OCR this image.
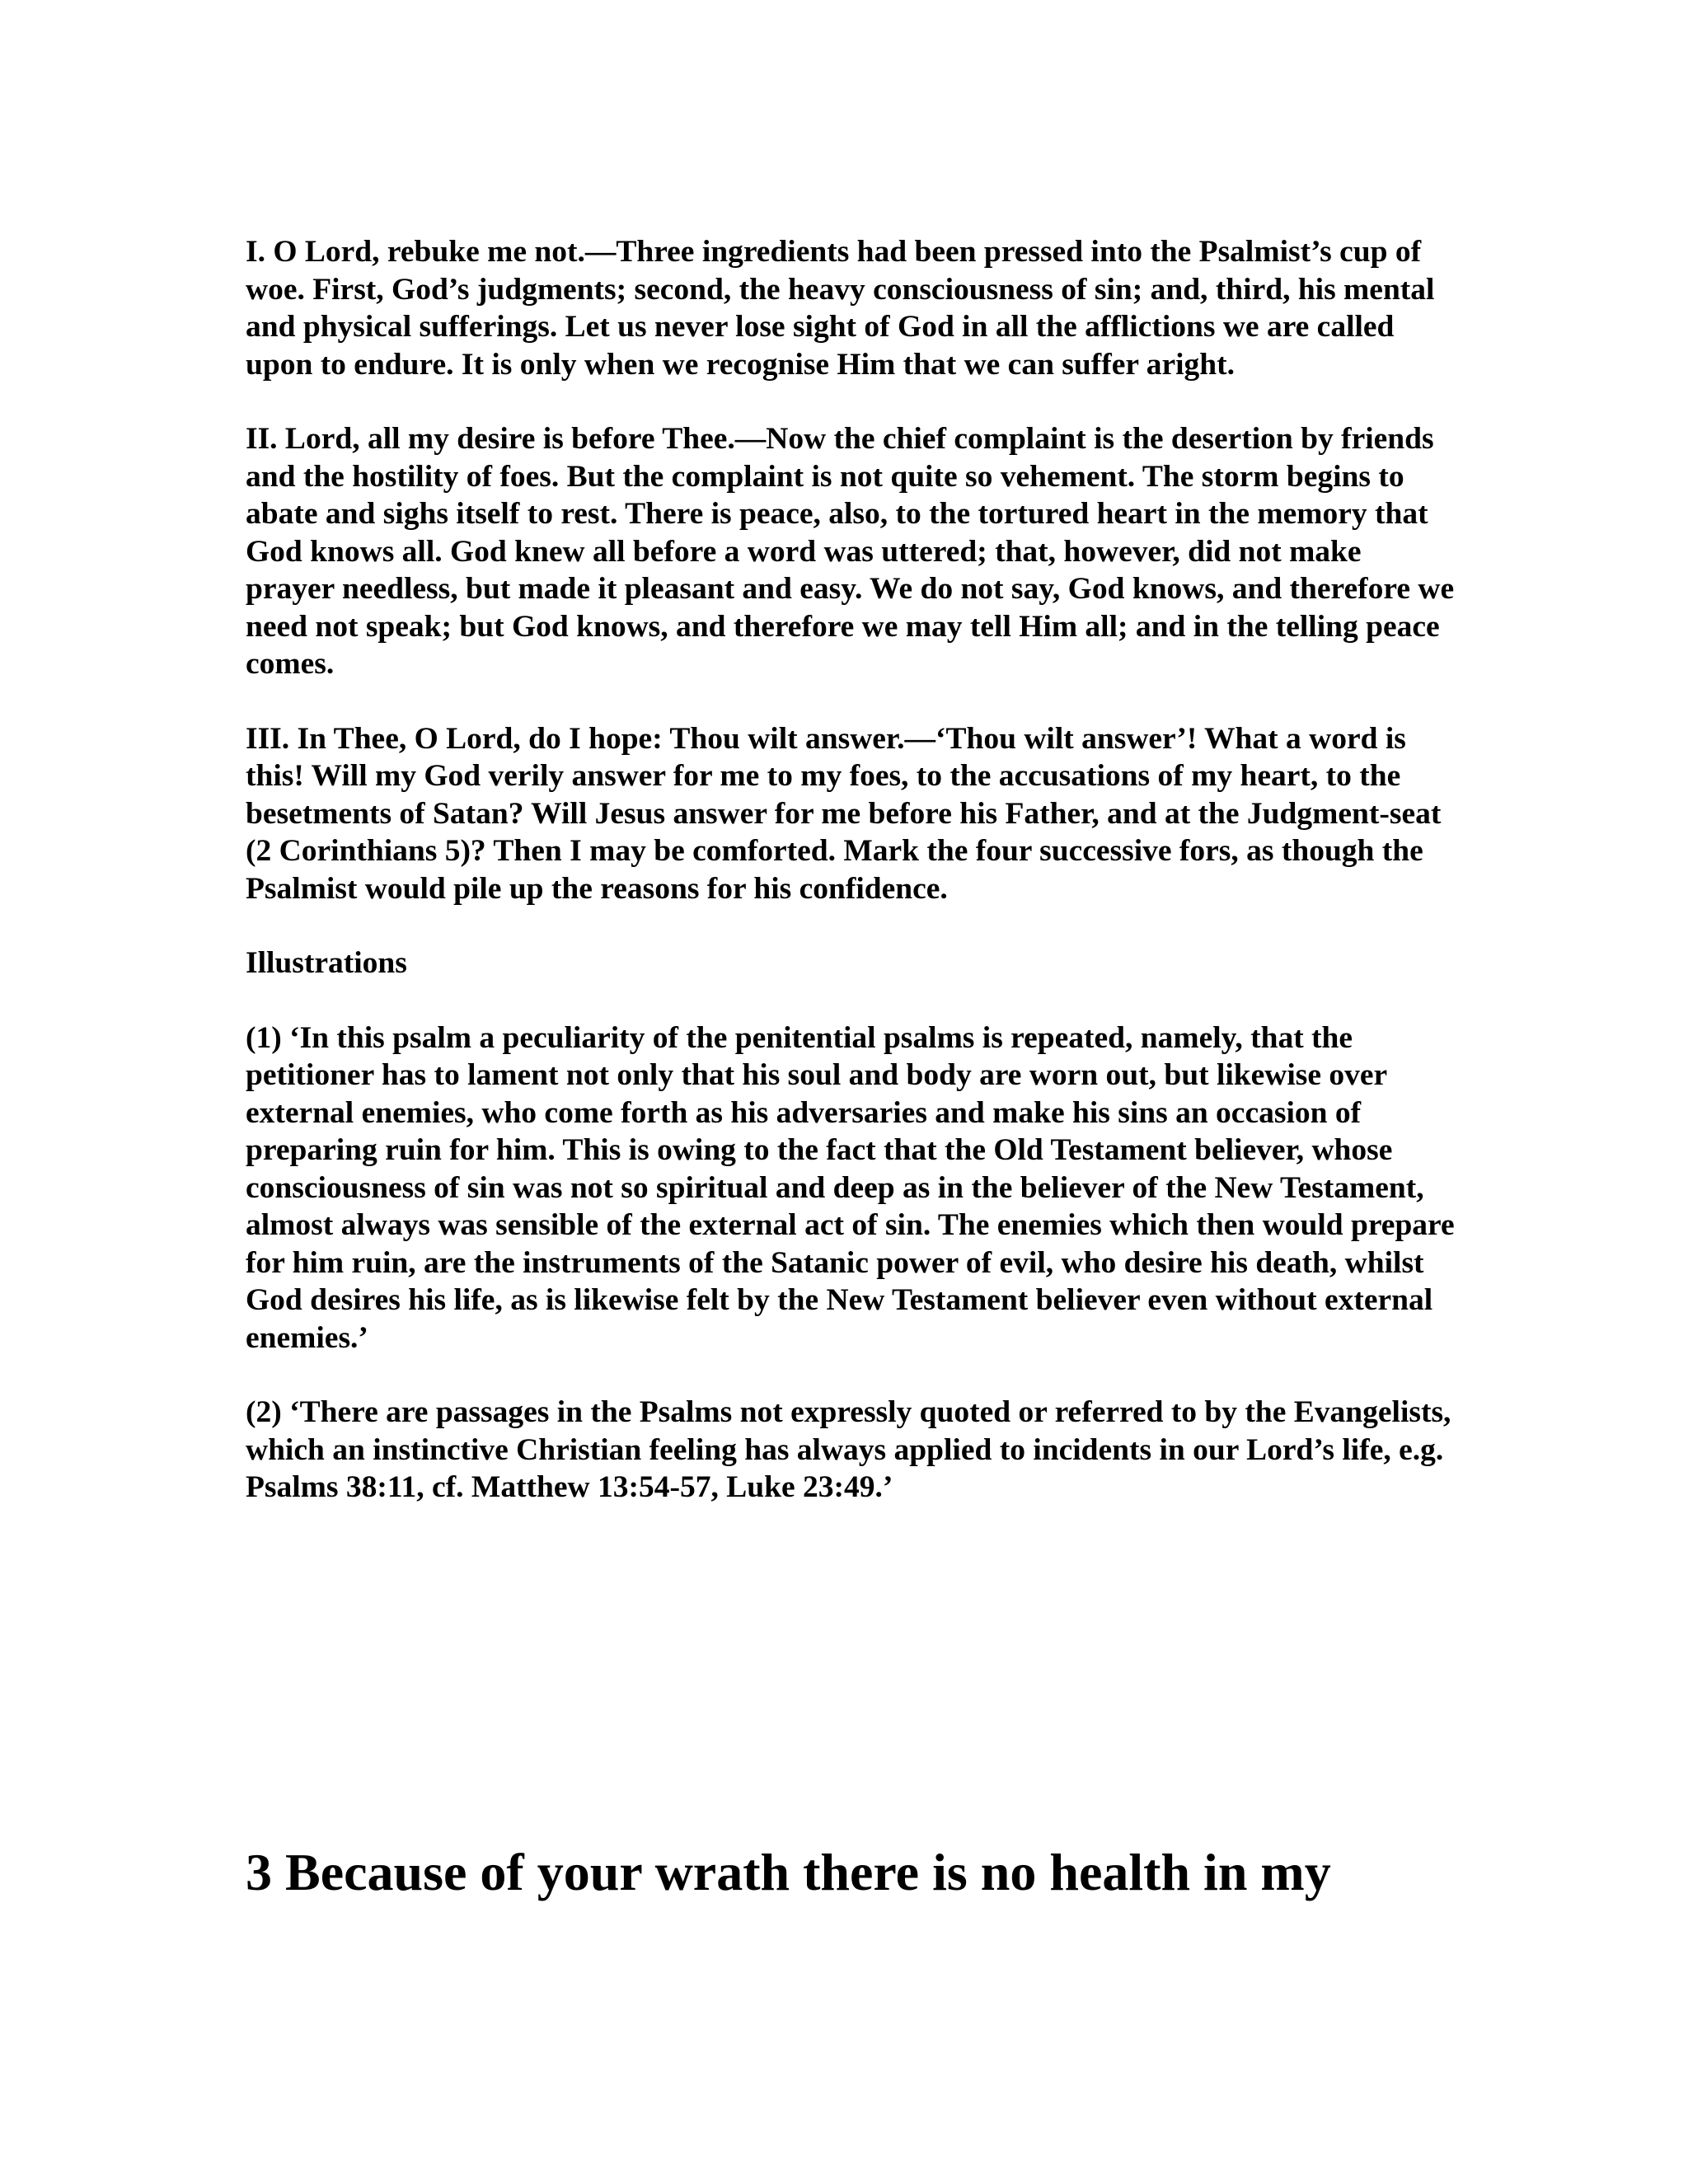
I. O Lord, rebuke me not.—Three ingredients had been pressed into the Psalmist’s cup of woe. First, God’s judgments; second, the heavy consciousness of sin; and, third, his mental and physical sufferings. Let us never lose sight of God in all the afflictions we are called upon to endure. It is only when we recognise Him that we can suffer aright.

II. Lord, all my desire is before Thee.—Now the chief complaint is the desertion by friends and the hostility of foes. But the complaint is not quite so vehement. The storm begins to abate and sighs itself to rest. There is peace, also, to the tortured heart in the memory that God knows all. God knew all before a word was uttered; that, however, did not make prayer needless, but made it pleasant and easy. We do not say, God knows, and therefore we need not speak; but God knows, and therefore we may tell Him all; and in the telling peace comes.

III. In Thee, O Lord, do I hope: Thou wilt answer.—‘Thou wilt answer’! What a word is this! Will my God verily answer for me to my foes, to the accusations of my heart, to the besetments of Satan? Will Jesus answer for me before his Father, and at the Judgment-seat (2 Corinthians 5)? Then I may be comforted. Mark the four successive fors, as though the Psalmist would pile up the reasons for his confidence.

Illustrations

(1) ‘In this psalm a peculiarity of the penitential psalms is repeated, namely, that the petitioner has to lament not only that his soul and body are worn out, but likewise over external enemies, who come forth as his adversaries and make his sins an occasion of preparing ruin for him. This is owing to the fact that the Old Testament believer, whose consciousness of sin was not so spiritual and deep as in the believer of the New Testament, almost always was sensible of the external act of sin. The enemies which then would prepare for him ruin, are the instruments of the Satanic power of evil, who desire his death, whilst God desires his life, as is likewise felt by the New Testament believer even without external enemies.’

(2) ‘There are passages in the Psalms not expressly quoted or referred to by the Evangelists, which an instinctive Christian feeling has always applied to incidents in our Lord’s life, e.g. Psalms 38:11, cf. Matthew 13:54-57, Luke 23:49.’

3 Because of your wrath there is no health in my
